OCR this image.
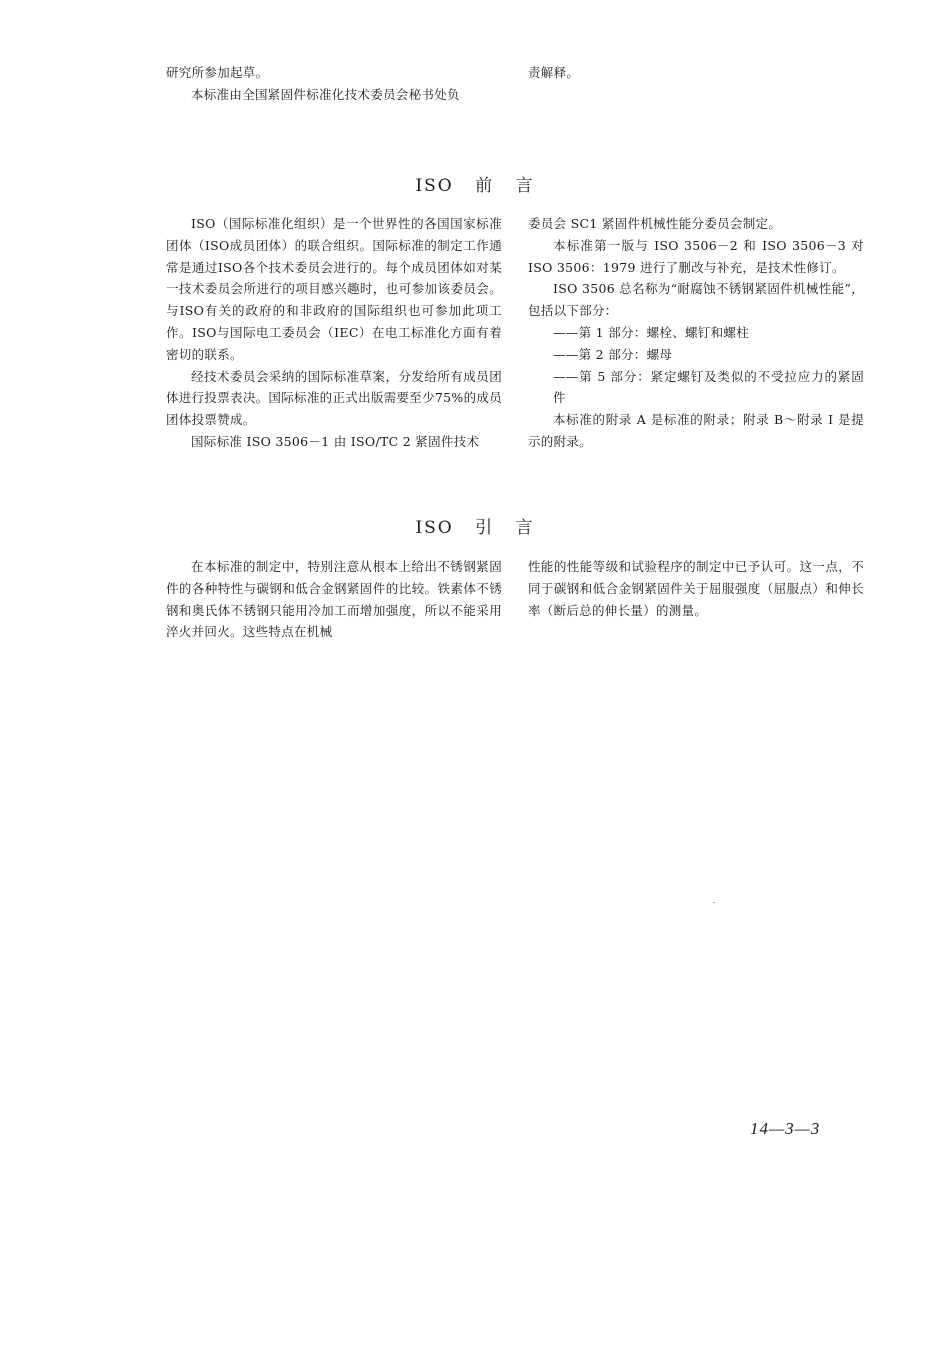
研究所参加起草。

本标准由全国紧固件标准化技术委员会秘书处负

责解释。

ISO 前 言

ISO（国际标准化组织）是一个世界性的各国国家标准团体（ISO成员团体）的联合组织。国际标准的制定工作通常是通过ISO各个技术委员会进行的。每个成员团体如对某一技术委员会所进行的项目感兴趣时，也可参加该委员会。与ISO有关的政府的和非政府的国际组织也可参加此项工作。ISO与国际电工委员会（IEC）在电工标准化方面有着密切的联系。

经技术委员会采纳的国际标准草案，分发给所有成员团体进行投票表决。国际标准的正式出版需要至少75%的成员团体投票赞成。

国际标准 ISO 3506－1 由 ISO/TC 2 紧固件技术

委员会 SC1 紧固件机械性能分委员会制定。

本标准第一版与 ISO 3506－2 和 ISO 3506－3 对 ISO 3506：1979 进行了删改与补充，是技术性修订。

ISO 3506 总名称为“耐腐蚀不锈钢紧固件机械性能”，包括以下部分：

——第 1 部分：螺栓、螺钉和螺柱

——第 2 部分：螺母

——第 5 部分：紧定螺钉及类似的不受拉应力的紧固件

本标准的附录 A 是标准的附录；附录 B～附录 I 是提示的附录。

ISO 引 言

在本标准的制定中，特别注意从根本上给出不锈钢紧固件的各种特性与碳钢和低合金钢紧固件的比较。铁素体不锈钢和奥氏体不锈钢只能用冷加工而增加强度，所以不能采用淬火并回火。这些特点在机械

性能的性能等级和试验程序的制定中已予认可。这一点，不同于碳钢和低合金钢紧固件关于屈服强度（屈服点）和伸长率（断后总的伸长量）的测量。

14—3—3
